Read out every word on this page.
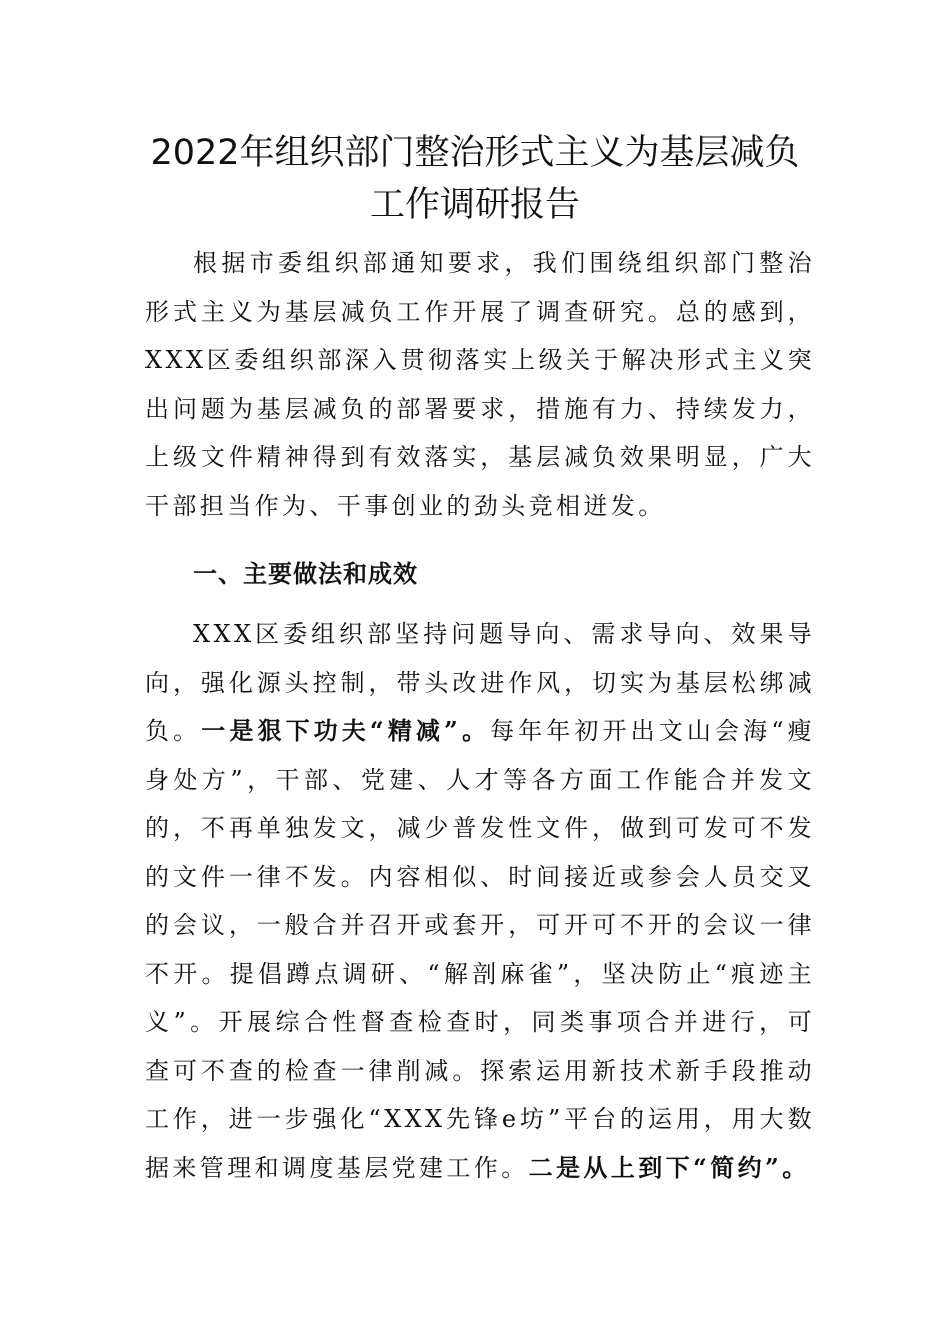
2022年组织部门整治形式主义为基层减负
工作调研报告

根据市委组织部通知要求，我们围绕组织部门整治形式主义为基层减负工作开展了调查研究。总的感到，XXX区委组织部深入贯彻落实上级关于解决形式主义突出问题为基层减负的部署要求，措施有力、持续发力，上级文件精神得到有效落实，基层减负效果明显，广大干部担当作为、干事创业的劲头竞相迸发。

一、主要做法和成效

XXX区委组织部坚持问题导向、需求导向、效果导向，强化源头控制，带头改进作风，切实为基层松绑减负。一是狠下功夫“精减”。每年年初开出文山会海“瘦身处方”，干部、党建、人才等各方面工作能合并发文的，不再单独发文，减少普发性文件，做到可发可不发的文件一律不发。内容相似、时间接近或参会人员交叉的会议，一般合并召开或套开，可开可不开的会议一律不开。提倡蹲点调研、“解剖麻雀”，坚决防止“痕迹主义”。开展综合性督查检查时，同类事项合并进行，可查可不查的检查一律削减。探索运用新技术新手段推动工作，进一步强化“XXX先锋e坊”平台的运用，用大数据来管理和调度基层党建工作。二是从上到下“简约”。
